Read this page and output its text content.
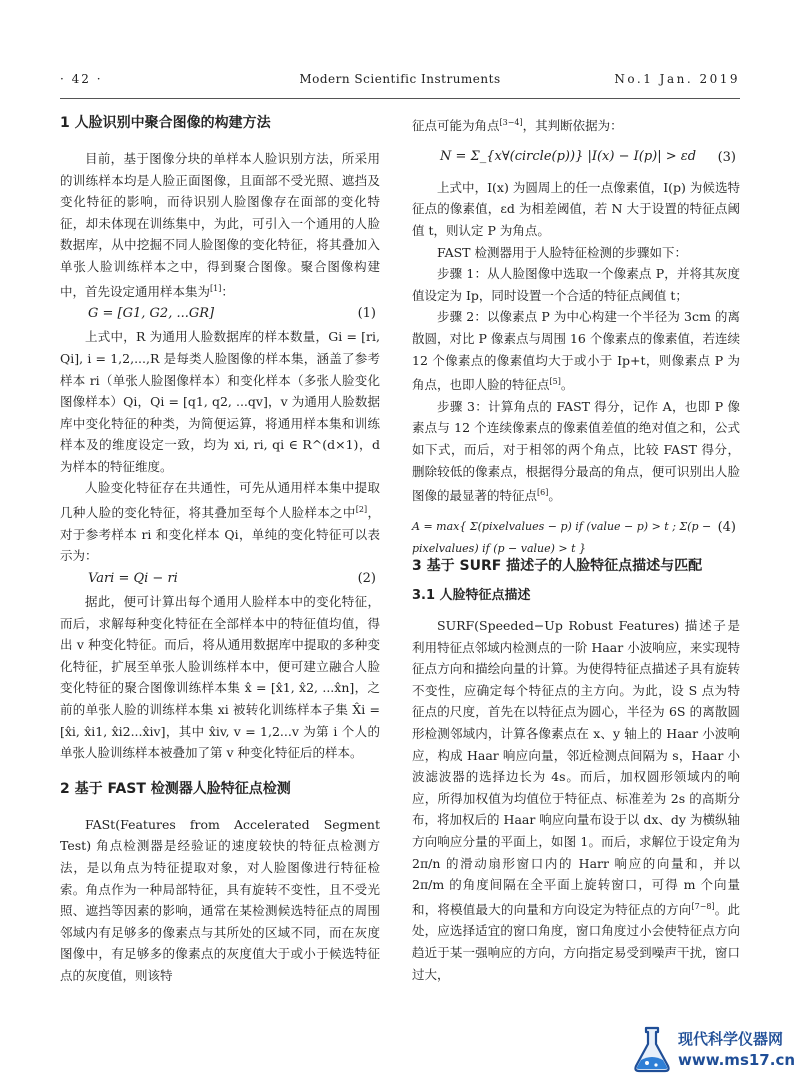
· 42 ·	Modern Scientific Instruments	No.1 Jan. 2019
1 人脸识别中聚合图像的构建方法

目前，基于图像分块的单样本人脸识别方法，所采用的训练样本均是人脸正面图像，且面部不受光照、遮挡及变化特征的影响，而待识别人脸图像存在面部的变化特征，却未体现在训练集中，为此，可引入一个通用的人脸数据库，从中挖掘不同人脸图像的变化特征，将其叠加入单张人脸训练样本之中，得到聚合图像。聚合图像构建中，首先设定通用样本集为[1]：

G = [G1, G2, ...GR]	(1)

上式中，R 为通用人脸数据库的样本数量，Gi = [ri, Qi], i = 1,2,...,R 是每类人脸图像的样本集，涵盖了参考样本 ri（单张人脸图像样本）和变化样本（多张人脸变化图像样本）Qi，Qi = [q1, q2, ...qv]，v 为通用人脸数据库中变化特征的种类，为简便运算，将通用样本集和训练样本及的维度设定一致，均为 xi, ri, qi ∈ R^(d×1)，d 为样本的特征维度。

人脸变化特征存在共通性，可先从通用样本集中提取几种人脸的变化特征，将其叠加至每个人脸样本之中[2]，对于参考样本 ri 和变化样本 Qi，单纯的变化特征可以表示为：

Vari = Qi − ri	(2)

据此，便可计算出每个通用人脸样本中的变化特征，而后，求解每种变化特征在全部样本中的特征值均值，得出 v 种变化特征。而后，将从通用数据库中提取的多种变化特征，扩展至单张人脸训练样本中，便可建立融合人脸变化特征的聚合图像训练样本集 x̂ = [x̂1, x̂2, ...x̂n]，之前的单张人脸的训练样本集 xi 被转化训练样本子集 X̂i = [x̂i, x̂i1, x̂i2...x̂iv]，其中 x̂iv, v = 1,2...v 为第 i 个人的单张人脸训练样本被叠加了第 v 种变化特征后的样本。

2 基于 FAST 检测器人脸特征点检测

FASt(Features from Accelerated Segment Test) 角点检测器是经验证的速度较快的特征点检测方法，是以角点为特征提取对象，对人脸图像进行特征检索。角点作为一种局部特征，具有旋转不变性，且不受光照、遮挡等因素的影响，通常在某检测候选特征点的周围邻域内有足够多的像素点与其所处的区域不同，而在灰度图像中，有足够多的像素点的灰度值大于或小于候选特征点的灰度值，则该特

征点可能为角点[3−4]，其判断依据为：

N = Σ_{x∀(circle(p))} |I(x) − I(p)| > εd (3)

上式中，I(x) 为圆周上的任一点像素值，I(p) 为候选特征点的像素值，εd 为相差阈值，若 N 大于设置的特征点阈值 t，则认定 P 为角点。

FAST 检测器用于人脸特征检测的步骤如下：

步骤 1：从人脸图像中选取一个像素点 P，并将其灰度值设定为 Ip，同时设置一个合适的特征点阈值 t；

步骤 2：以像素点 P 为中心构建一个半径为 3cm 的离散圆，对比 P 像素点与周围 16 个像素点的像素值，若连续 12 个像素点的像素值均大于或小于 Ip+t，则像素点 P 为角点，也即人脸的特征点[5]。

步骤 3：计算角点的 FAST 得分，记作 A，也即 P 像素点与 12 个连续像素点的像素值差值的绝对值之和，公式如下式，而后，对于相邻的两个角点，比较 FAST 得分，删除较低的像素点，根据得分最高的角点，便可识别出人脸图像的最显著的特征点[6]。

A = max{ Σ(pixelvalues − p) if (value − p) > t ; Σ(p − pixelvalues) if (p − value) > t }
(4)
3 基于 SURF 描述子的人脸特征点描述与匹配
3.1 人脸特征点描述

SURF(Speeded−Up Robust Features) 描述子是利用特征点邻域内检测点的一阶 Haar 小波响应，来实现特征点方向和描绘向量的计算。为使得特征点描述子具有旋转不变性，应确定每个特征点的主方向。为此，设 S 点为特征点的尺度，首先在以特征点为圆心，半径为 6S 的离散圆形检测邻域内，计算各像素点在 x、y 轴上的 Haar 小波响应，构成 Haar 响应向量，邻近检测点间隔为 s，Haar 小波滤波器的选择边长为 4s。而后，加权圆形领域内的响应，所得加权值为均值位于特征点、标准差为 2s 的高斯分布，将加权后的 Haar 响应向量布设于以 dx、dy 为横纵轴方向响应分量的平面上，如图 1。而后，求解位于设定角为 2π/n 的滑动扇形窗口内的 Harr 响应的向量和，并以 2π/m 的角度间隔在全平面上旋转窗口，可得 m 个向量和，将模值最大的向量和方向设定为特征点的方向[7−8]。此处，应选择适宜的窗口角度，窗口角度过小会使特征点方向趋近于某一强响应的方向，方向指定易受到噪声干扰，窗口过大，

现代科学仪器网
www.ms17.cn
